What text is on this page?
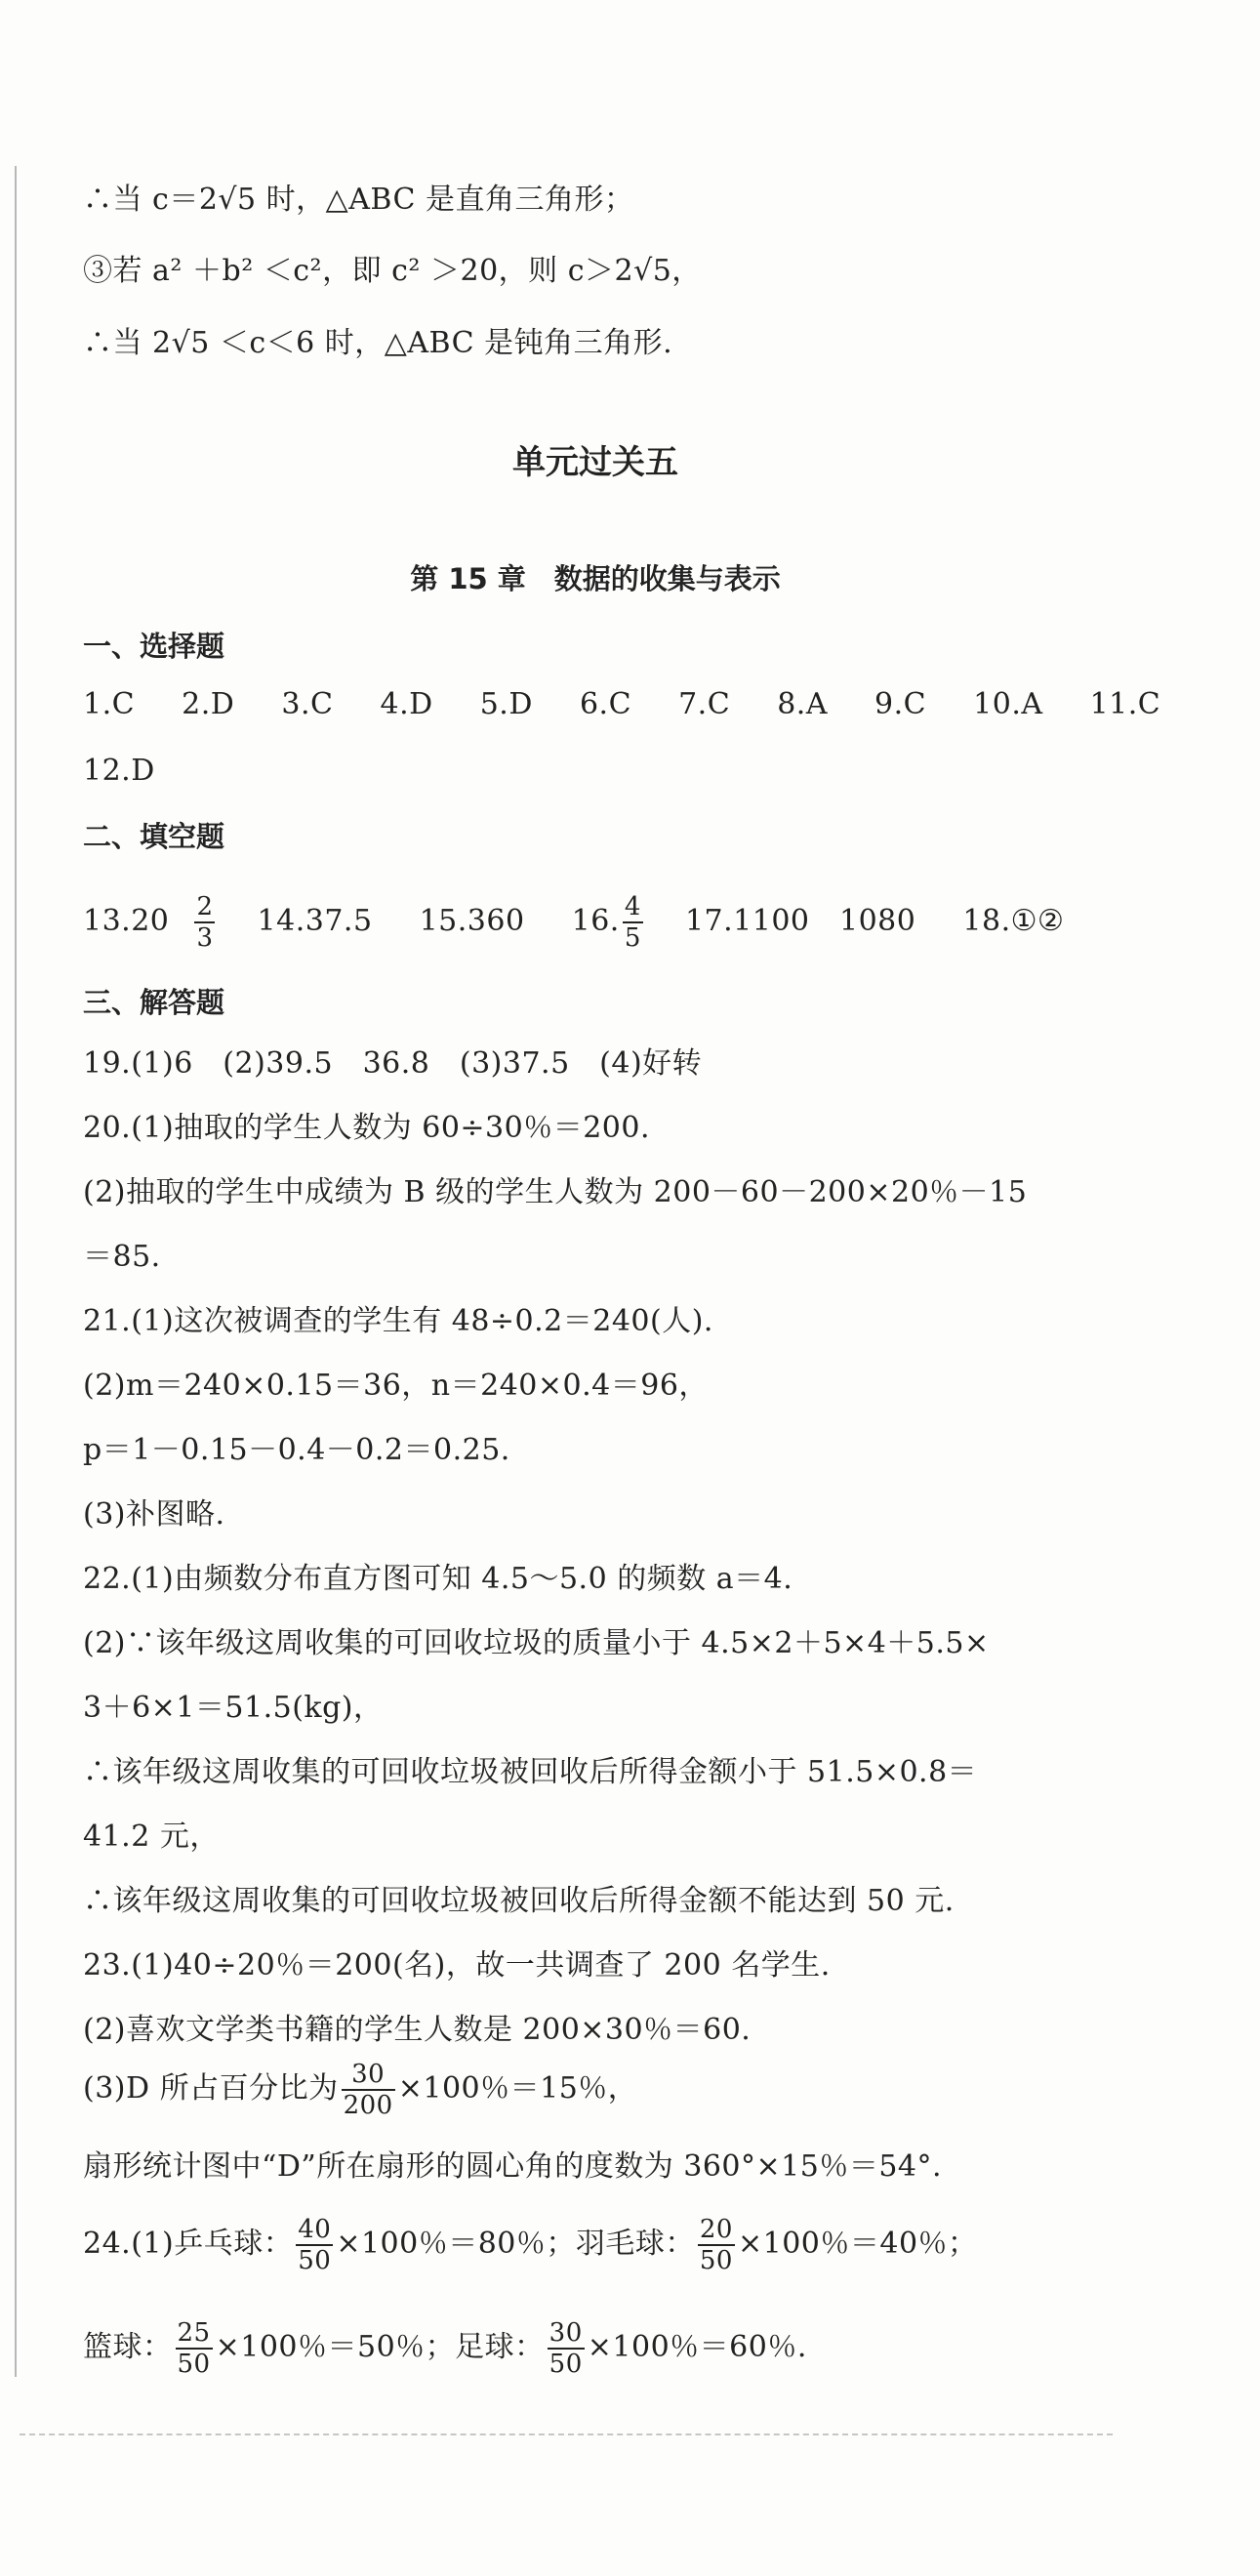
∴当 c＝2√5 时，△ABC 是直角三角形；
③若 a² ＋b² ＜c²，即 c² ＞20，则 c＞2√5，
∴当 2√5 ＜c＜6 时，△ABC 是钝角三角形.
单元过关五
第 15 章　数据的收集与表示
一、选择题
1.C 2.D 3.C 4.D 5.D 6.C 7.C 8.A 9.C 10.A 11.C
12.D
二、填空题
$13.20 \frac{2}{3} 14.37.5$ 15.360 16. $\frac{4}{5} 17.1100$　1080 18.①②
三、解答题
19.(1)6　(2)39.5　36.8　(3)37.5　(4)好转
20.(1)抽取的学生人数为 60÷30％＝200.
(2)抽取的学生中成绩为 B 级的学生人数为 200－60－200×20％－15
＝85.
21.(1)这次被调查的学生有 48÷0.2＝240(人).
(2)m＝240×0.15＝36，n＝240×0.4＝96，
p＝1－0.15－0.4－0.2＝0.25.
(3)补图略.
22.(1)由频数分布直方图可知 4.5～5.0 的频数 a＝4.
(2)∵该年级这周收集的可回收垃圾的质量小于 4.5×2＋5×4＋5.5×
3＋6×1＝51.5(kg)，
∴该年级这周收集的可回收垃圾被回收后所得金额小于 51.5×0.8＝
41.2 元，
∴该年级这周收集的可回收垃圾被回收后所得金额不能达到 50 元.
23.(1)40÷20％＝200(名)，故一共调查了 200 名学生.
(2)喜欢文学类书籍的学生人数是 200×30％＝60.
(3)D 所占百分比为 $\frac{30}{200} \times 100$％＝15％，
扇形统计图中“D”所在扇形的圆心角的度数为 360°×15％＝54°.
24.(1)乒乓球： $\frac{40}{50} \times 100$％＝80％；羽毛球： $\frac{20}{50} \times 100$％＝40％；
篮球： $\frac{25}{50} \times 100$％＝50％；足球： $\frac{30}{50} \times 100$％＝60％.
